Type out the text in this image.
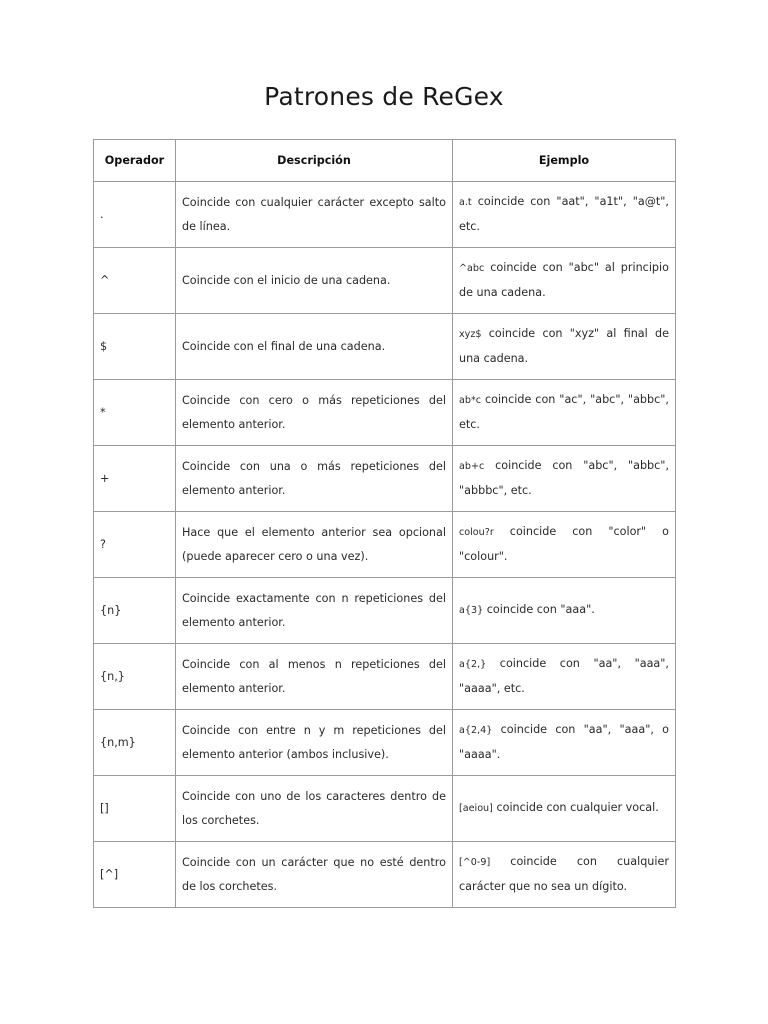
Patrones de ReGex
Operador	Descripción	Ejemplo
.	Coincide con cualquier carácter excepto salto de línea.	a.t coincide con "aat", "a1t", "a@t", etc.
^	Coincide con el inicio de una cadena.	^abc coincide con "abc" al principio de una cadena.
$	Coincide con el final de una cadena.	xyz$ coincide con "xyz" al final de una cadena.
*	Coincide con cero o más repeticiones del elemento anterior.	ab*c coincide con "ac", "abc", "abbc", etc.
+	Coincide con una o más repeticiones del elemento anterior.	ab+c coincide con "abc", "abbc", "abbbc", etc.
?	Hace que el elemento anterior sea opcional (puede aparecer cero o una vez).	colou?r coincide con "color" o "colour".
{n}	Coincide exactamente con n repeticiones del elemento anterior.	a{3} coincide con "aaa".
{n,}	Coincide con al menos n repeticiones del elemento anterior.	a{2,} coincide con "aa", "aaa", "aaaa", etc.
{n,m}	Coincide con entre n y m repeticiones del elemento anterior (ambos inclusive).	a{2,4} coincide con "aa", "aaa", o "aaaa".
[]	Coincide con uno de los caracteres dentro de los corchetes.	[aeiou] coincide con cualquier vocal.
[^]	Coincide con un carácter que no esté dentro de los corchetes.	[^0-9] coincide con cualquier carácter que no sea un dígito.
